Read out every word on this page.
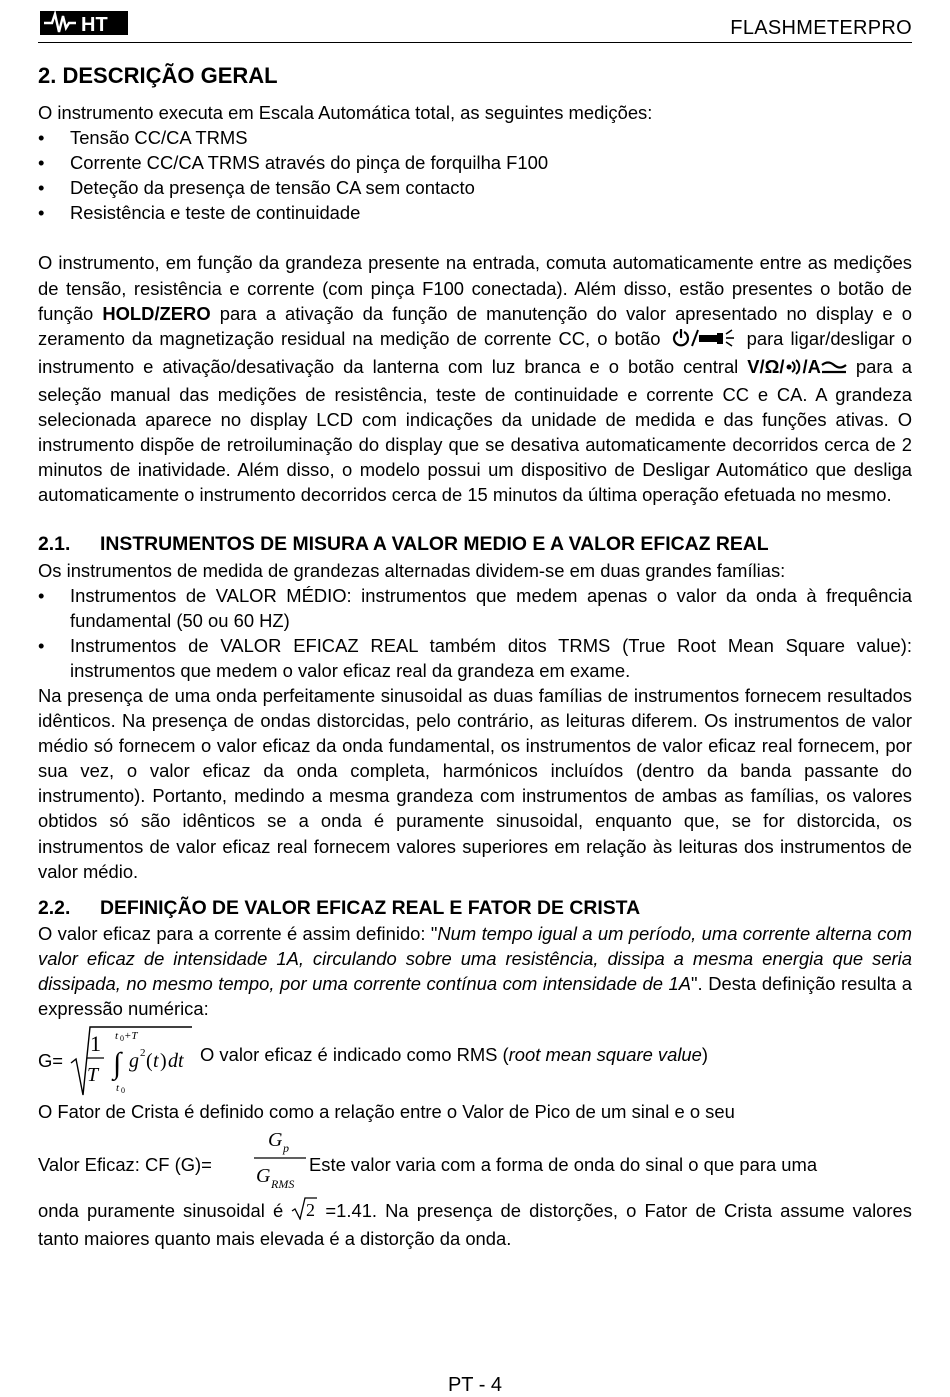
HT	FLASHMETERPRO
2. DESCRIÇÃO GERAL

O instrumento executa em Escala Automática total, as seguintes medições:

• Tensão CC/CA TRMS
• Corrente CC/CA TRMS através do pinça de forquilha F100
• Deteção da presença de tensão CA sem contacto
• Resistência e teste de continuidade

O instrumento, em função da grandeza presente na entrada, comuta automaticamente entre as medições de tensão, resistência e corrente (com pinça F100 conectada). Além disso, estão presentes o botão de função HOLD/ZERO para a ativação da função de manutenção do valor apresentado no display e o zeramento da magnetização residual na medição de corrente CC, o botão	para ligar/desligar o instrumento e ativação/desativação da lanterna com luz branca e o botão central V/Ω/ /A para a seleção manual das medições de resistência, teste de continuidade e corrente CC e CA. A grandeza selecionada aparece no display LCD com indicações da unidade de medida e das funções ativas. O instrumento dispõe de retroiluminação do display que se desativa automaticamente decorridos cerca de 2 minutos de inatividade. Além disso, o modelo possui um dispositivo de Desligar Automático que desliga automaticamente o instrumento decorridos cerca de 15 minutos da última operação efetuada no mesmo.

2.1. INSTRUMENTOS DE MISURA A VALOR MEDIO E A VALOR EFICAZ REAL

Os instrumentos de medida de grandezas alternadas dividem-se em duas grandes famílias:

• Instrumentos de VALOR MÉDIO: instrumentos que medem apenas o valor da onda à frequência fundamental (50 ou 60 HZ)
• Instrumentos de VALOR EFICAZ REAL também ditos TRMS (True Root Mean Square value): instrumentos que medem o valor eficaz real da grandeza em exame.

Na presença de uma onda perfeitamente sinusoidal as duas famílias de instrumentos fornecem resultados idênticos. Na presença de ondas distorcidas, pelo contrário, as leituras diferem. Os instrumentos de valor médio só fornecem o valor eficaz da onda fundamental, os instrumentos de valor eficaz real fornecem, por sua vez, o valor eficaz da onda completa, harmónicos incluídos (dentro da banda passante do instrumento). Portanto, medindo a mesma grandeza com instrumentos de ambas as famílias, os valores obtidos só são idênticos se a onda é puramente sinusoidal, enquanto que, se for distorcida, os instrumentos de valor eficaz real fornecem valores superiores em relação às leituras dos instrumentos de valor médio.

2.2. DEFINIÇÃO DE VALOR EFICAZ REAL E FATOR DE CRISTA

O valor eficaz para a corrente é assim definido: "Num tempo igual a um período, uma corrente alterna com valor eficaz de intensidade 1A, circulando sobre uma resistência, dissipa a mesma energia que seria dissipada, no mesmo tempo, por uma corrente contínua com intensidade de 1A". Desta definição resulta a expressão numérica:

G=
1
T
t 0 +T
∫
t 0
g 2 ( t ) dt O valor eficaz é indicado como RMS (root mean square value)

O Fator de Crista é definido como a relação entre o Valor de Pico de um sinal e o seu

Valor Eficaz: CF (G)=
G p
G RMS
Este valor varia com a forma de onda do sinal o que para uma

onda puramente sinusoidal é 2 =1.41. Na presença de distorções, o Fator de Crista assume valores tanto maiores quanto mais elevada é a distorção da onda.

PT - 4
